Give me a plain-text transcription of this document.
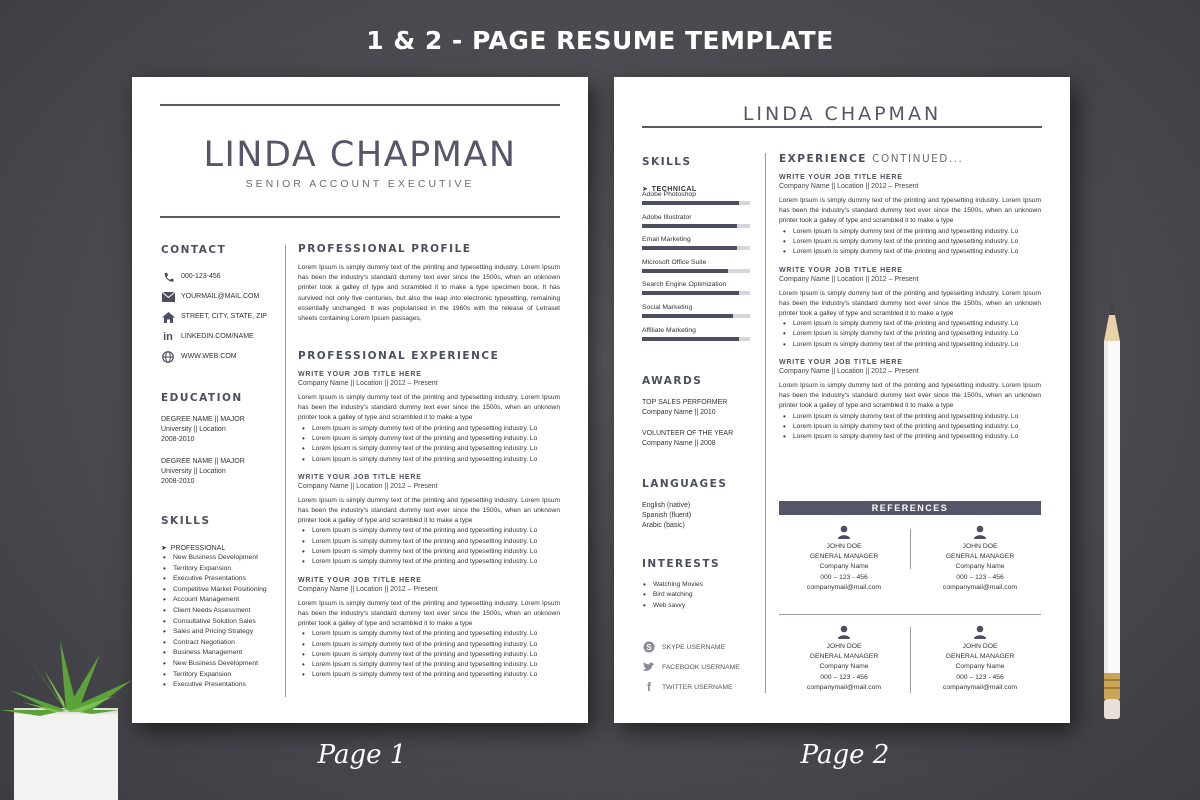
1 & 2 - PAGE RESUME TEMPLATE
LINDA CHAPMAN
SENIOR ACCOUNT EXECUTIVE
CONTACT
000-123-456
YOURMAIL@MAIL.COM
STREET, CITY, STATE, ZIP
in	LINKEDIN.COM/NAME
WWW.WEB.COM
EDUCATION
DEGREE NAME || MAJOR
University || Location
2008-2010
DEGREE NAME || MAJOR
University || Location
2008-2010
SKILLS
➤  PROFESSIONAL
• New Business Development
• Territory Expansion
• Executive Presentations
• Competitive Market Positioning
• Account Management
• Client Needs Assessment
• Consultative Solution Sales
• Sales and Pricing Strategy
• Contract Negotiation
• Business Management
• New Business Development
• Territory Expansion
• Executive Presentations
PROFESSIONAL PROFILE
Lorem Ipsum is simply dummy text of the printing and typesetting industry. Lorem Ipsum has been the industry's standard dummy text ever since the 1500s, when an unknown printer took a galley of type and scrambled it to make a type specimen book. It has survived not only five centuries, but also the leap into electronic typesetting, remaining essentially unchanged. It was popularised in the 1960s with the release of Letraset sheets containing Lorem Ipsum passages,
PROFESSIONAL EXPERIENCE
WRITE YOUR JOB TITLE HERE
Company Name || Location || 2012 – Present
Lorem Ipsum is simply dummy text of the printing and typesetting industry. Lorem Ipsum has been the industry's standard dummy text ever since the 1500s, when an unknown printer took a galley of type and scrambled it to make a type
• Lorem Ipsum is simply dummy text of the printing and typesetting industry. Lo
• Lorem Ipsum is simply dummy text of the printing and typesetting industry. Lo
• Lorem Ipsum is simply dummy text of the printing and typesetting industry. Lo
• Lorem Ipsum is simply dummy text of the printing and typesetting industry. Lo
WRITE YOUR JOB TITLE HERE
Company Name || Location || 2012 – Present
Lorem Ipsum is simply dummy text of the printing and typesetting industry. Lorem Ipsum has been the industry's standard dummy text ever since the 1500s, when an unknown printer took a galley of type and scrambled it to make a type
• Lorem Ipsum is simply dummy text of the printing and typesetting industry. Lo
• Lorem Ipsum is simply dummy text of the printing and typesetting industry. Lo
• Lorem Ipsum is simply dummy text of the printing and typesetting industry. Lo
• Lorem Ipsum is simply dummy text of the printing and typesetting industry. Lo
WRITE YOUR JOB TITLE HERE
Company Name || Location || 2012 – Present
Lorem Ipsum is simply dummy text of the printing and typesetting industry. Lorem Ipsum has been the industry's standard dummy text ever since the 1500s, when an unknown printer took a galley of type and scrambled it to make a type
• Lorem Ipsum is simply dummy text of the printing and typesetting industry. Lo
• Lorem Ipsum is simply dummy text of the printing and typesetting industry. Lo
• Lorem Ipsum is simply dummy text of the printing and typesetting industry. Lo
• Lorem Ipsum is simply dummy text of the printing and typesetting industry. Lo
• Lorem Ipsum is simply dummy text of the printing and typesetting industry. Lo
LINDA CHAPMAN
SKILLS
➤  TECHNICAL
Adobe Photoshop
Adobe Illustrator
Email Marketing
Microsoft Office Suite
Search Engine Optimization
Social Marketing
Affiliate Marketing
AWARDS
TOP SALES PERFORMER
Company Name || 2010
VOLUNTEER OF THE YEAR
Company Name || 2008
LANGUAGES
English (native)
Spanish (fluent)
Arabic (basic)
INTERESTS
• Watching Movies
• Bird watching
• Web savvy
S SKYPE USERNAME
FACEBOOK USERNAME
f	TWITTER USERNAME
EXPERIENCE CONTINUED...
WRITE YOUR JOB TITLE HERE
Company Name || Location || 2012 – Present
Lorem Ipsum is simply dummy text of the printing and typesetting industry. Lorem Ipsum has been the industry's standard dummy text ever since the 1500s, when an unknown printer took a galley of type and scrambled it to make a type
• Lorem Ipsum is simply dummy text of the printing and typesetting industry. Lo
• Lorem Ipsum is simply dummy text of the printing and typesetting industry. Lo
• Lorem Ipsum is simply dummy text of the printing and typesetting industry. Lo
WRITE YOUR JOB TITLE HERE
Company Name || Location || 2012 – Present
Lorem Ipsum is simply dummy text of the printing and typesetting industry. Lorem Ipsum has been the industry's standard dummy text ever since the 1500s, when an unknown printer took a galley of type and scrambled it to make a type
• Lorem Ipsum is simply dummy text of the printing and typesetting industry. Lo
• Lorem Ipsum is simply dummy text of the printing and typesetting industry. Lo
• Lorem Ipsum is simply dummy text of the printing and typesetting industry. Lo
WRITE YOUR JOB TITLE HERE
Company Name || Location || 2012 – Present
Lorem Ipsum is simply dummy text of the printing and typesetting industry. Lorem Ipsum has been the industry's standard dummy text ever since the 1500s, when an unknown printer took a galley of type and scrambled it to make a type
• Lorem Ipsum is simply dummy text of the printing and typesetting industry. Lo
• Lorem Ipsum is simply dummy text of the printing and typesetting industry. Lo
• Lorem Ipsum is simply dummy text of the printing and typesetting industry. Lo
REFERENCES
JOHN DOE
GENERAL MANAGER
Company Name
000 – 123 - 456
companymail@mail.com
JOHN DOE
GENERAL MANAGER
Company Name
000 – 123 - 456
companymail@mail.com
JOHN DOE
GENERAL MANAGER
Company Name
000 – 123 - 456
companymail@mail.com
JOHN DOE
GENERAL MANAGER
Company Name
000 – 123 - 456
companymail@mail.com
Page 1	Page 2
